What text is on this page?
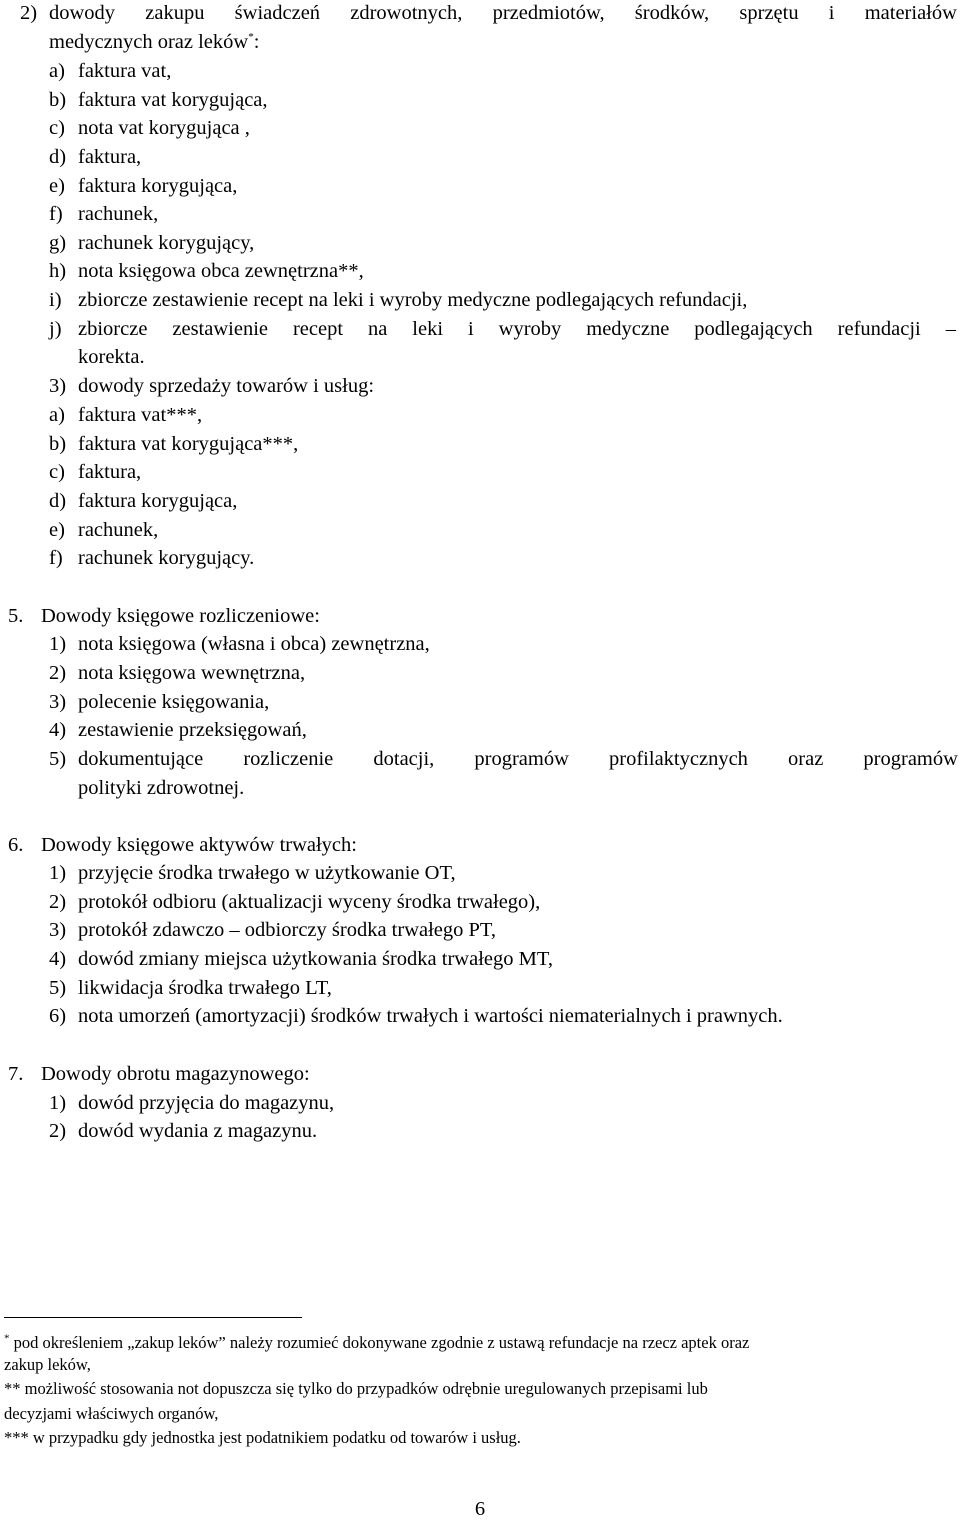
2) dowody zakupu świadczeń zdrowotnych, przedmiotów, środków, sprzętu i materiałów
medycznych oraz leków*:
a) faktura vat,
b) faktura vat korygująca,
c) nota vat korygująca ,
d) faktura,
e) faktura korygująca,
f) rachunek,
g) rachunek korygujący,
h) nota księgowa obca zewnętrzna**,
i) zbiorcze zestawienie recept na leki i wyroby medyczne podlegających refundacji,
j) zbiorcze zestawienie recept na leki i wyroby medyczne podlegających refundacji –
korekta.
3) dowody sprzedaży towarów i usług:
a) faktura vat***,
b) faktura vat korygująca***,
c) faktura,
d) faktura korygująca,
e) rachunek,
f) rachunek korygujący.
5. Dowody księgowe rozliczeniowe:
1) nota księgowa (własna i obca) zewnętrzna,
2) nota księgowa wewnętrzna,
3) polecenie księgowania,
4) zestawienie przeksięgowań,
5) dokumentujące rozliczenie dotacji, programów profilaktycznych oraz programów
polityki zdrowotnej.
6. Dowody księgowe aktywów trwałych:
1) przyjęcie środka trwałego w użytkowanie OT,
2) protokół odbioru (aktualizacji wyceny środka trwałego),
3) protokół zdawczo – odbiorczy środka trwałego PT,
4) dowód zmiany miejsca użytkowania środka trwałego MT,
5) likwidacja środka trwałego LT,
6) nota umorzeń (amortyzacji) środków trwałych i wartości niematerialnych i prawnych.
7. Dowody obrotu magazynowego:
1) dowód przyjęcia do magazynu,
2) dowód wydania z magazynu.
* pod określeniem „zakup leków” należy rozumieć dokonywane zgodnie z ustawą refundacje na rzecz aptek oraz
zakup leków,
** możliwość stosowania not dopuszcza się tylko do przypadków odrębnie uregulowanych przepisami lub
decyzjami właściwych organów,
*** w przypadku gdy jednostka jest podatnikiem podatku od towarów i usług.
6
